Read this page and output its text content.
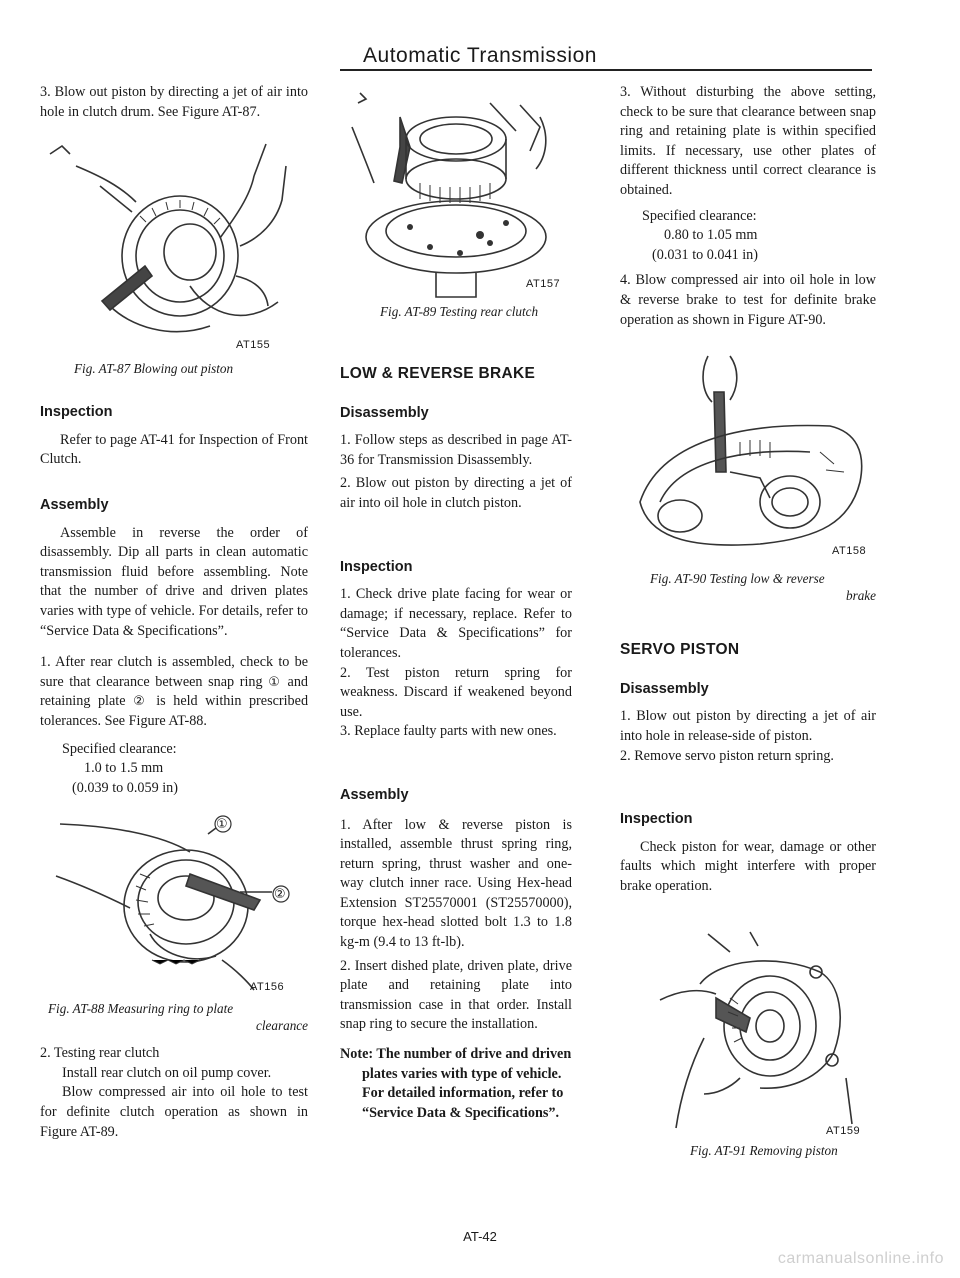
Automatic Transmission

3. Blow out piston by directing a jet of air into hole in clutch drum. See Figure AT-87.

AT155
Fig. AT-87 Blowing out piston
Inspection

Refer to page AT-41 for Inspection of Front Clutch.

Assembly

Assemble in reverse the order of disassembly. Dip all parts in clean automatic transmission fluid before assembling. Note that the number of drive and driven plates varies with type of vehicle. For details, refer to “Service Data & Specifications”.

1. After rear clutch is assembled, check to be sure that clearance between snap ring ① and retaining plate ② is held within prescribed tolerances. See Figure AT-88.

Specified clearance:
1.0 to 1.5 mm
(0.039 to 0.059 in)
①
②
AT156
Fig. AT-88 Measuring ring to plate
clearance

2. Testing rear clutch

Install rear clutch on oil pump cover.

Blow compressed air into oil hole to test for definite clutch operation as shown in Figure AT-89.

AT157
Fig. AT-89 Testing rear clutch
LOW & REVERSE BRAKE
Disassembly

1. Follow steps as described in page AT-36 for Transmission Disassembly.

2. Blow out piston by directing a jet of air into oil hole in clutch piston.

Inspection

1. Check drive plate facing for wear or damage; if necessary, replace. Refer to “Service Data & Specifications” for tolerances.

2. Test piston return spring for weakness. Discard if weakened beyond use.

3. Replace faulty parts with new ones.

Assembly

1. After low & reverse piston is installed, assemble thrust spring ring, return spring, thrust washer and one-way clutch inner race. Using Hex-head Extension ST25570001 (ST25570000), torque hex-head slotted bolt 1.3 to 1.8 kg-m (9.4 to 13 ft-lb).

2. Insert dished plate, driven plate, drive plate and retaining plate into transmission case in that order. Install snap ring to secure the installation.

Note: The number of drive and driven

plates varies with type of vehicle. For detailed information, refer to “Service Data & Specifications”.

3. Without disturbing the above setting, check to be sure that clearance between snap ring and retaining plate is within specified limits. If necessary, use other plates of different thickness until correct clearance is obtained.

Specified clearance:
0.80 to 1.05 mm
(0.031 to 0.041 in)

4. Blow compressed air into oil hole in low & reverse brake to test for definite brake operation as shown in Figure AT-90.

AT158
Fig. AT-90 Testing low & reverse
brake
SERVO PISTON
Disassembly

1. Blow out piston by directing a jet of air into hole in release-side of piston.

2. Remove servo piston return spring.

Inspection

Check piston for wear, damage or other faults which might interfere with proper brake operation.

AT159
Fig. AT-91 Removing piston
AT-42
carmanualsonline.info
